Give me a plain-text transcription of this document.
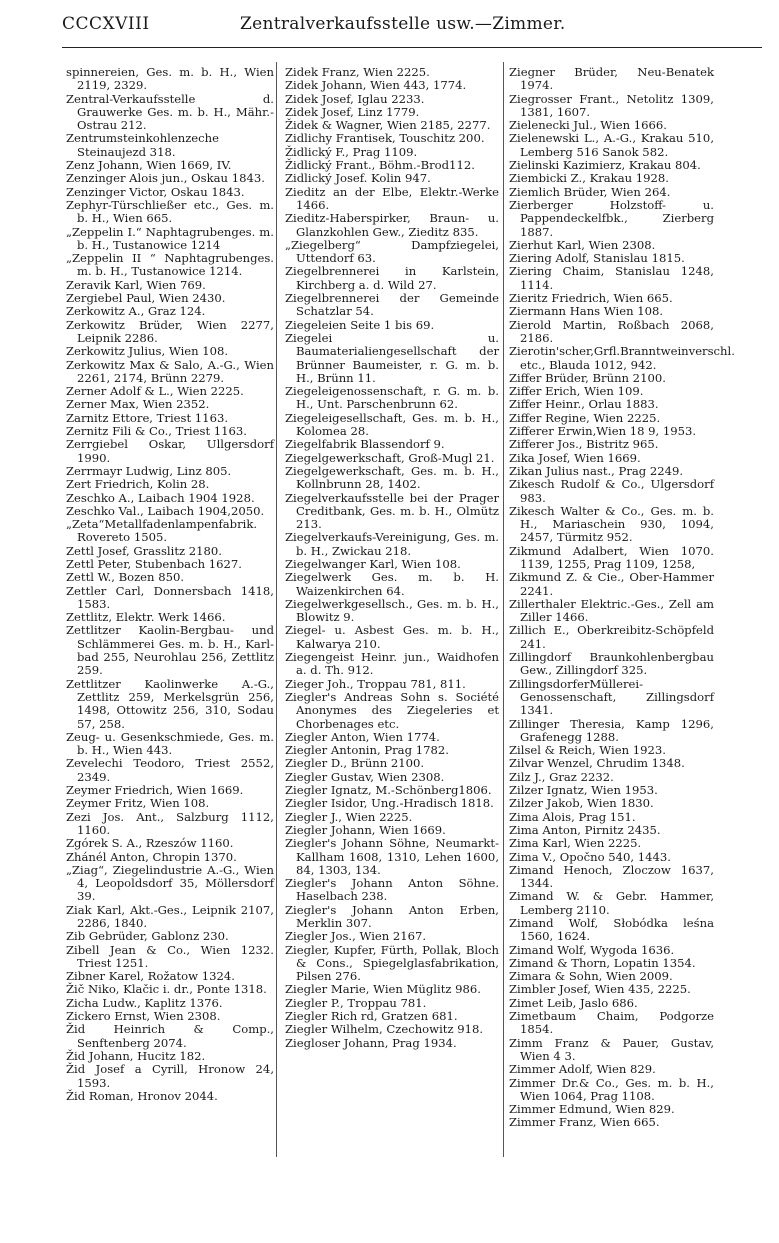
CCCXVIII	Zentralverkaufsstelle usw.—Zimmer.
spinnereien, Ges. m. b. H., Wien 2119, 2329.
Zentral-Verkaufsstelle d. Grauwerke Ges. m. b. H., Mähr.-Ostrau 212.
Zentrumsteinkohlenzeche Steinaujezd 318.
Zenz Johann, Wien 1669, IV.
Zenzinger Alois jun., Oskau 1843.
Zenzinger Victor, Oskau 1843.
Zephyr-Türschließer etc., Ges. m. b. H., Wien 665.
„Zeppelin I.“ Naphtagrubenges. m. b. H., Tustanowice 1214
„Zeppelin II “ Naphtagrubenges. m. b. H., Tustanowice 1214.
Zeravik Karl, Wien 769.
Zergiebel Paul, Wien 2430.
Zerkowitz A., Graz 124.
Zerkowitz Brüder, Wien 2277, Leipnik 2286.
Zerkowitz Julius, Wien 108.
Zerkowitz Max & Salo, A.-G., Wien 2261, 2174, Brünn 2279.
Zerner Adolf & L., Wien 2225.
Zerner Max, Wien 2352.
Zarnitz Ettore, Triest 1163.
Zernitz Fili & Co., Triest 1163.
Zerrgiebel Oskar, Ullgersdorf 1990.
Zerrmayr Ludwig, Linz 805.
Zert Friedrich, Kolin 28.
Zeschko A., Laibach 1904 1928.
Zeschko Val., Laibach 1904,2050.
„Zeta“Metallfadenlampenfabrik. Rovereto 1505.
Zettl Josef, Grasslitz 2180.
Zettl Peter, Stubenbach 1627.
Zettl W., Bozen 850.
Zettler Carl, Donnersbach 1418, 1583.
Zettlitz, Elektr. Werk 1466.
Zettlitzer Kaolin-Bergbau- und Schlämmerei Ges. m. b. H., Karl-bad 255, Neurohlau 256, Zettlitz 259.
Zettlitzer Kaolinwerke A.-G., Zettlitz 259, Merkelsgrün 256, 1498, Ottowitz 256, 310, Sodau 57, 258.
Zeug- u. Gesenkschmiede, Ges. m. b. H., Wien 443.
Zevelechi Teodoro, Triest 2552, 2349.
Zeymer Friedrich, Wien 1669.
Zeymer Fritz, Wien 108.
Zezi Jos. Ant., Salzburg 1112, 1160.
Zgórek S. A., Rzeszów 1160.
Zhánél Anton, Chropin 1370.
„Ziag“, Ziegelindustrie A.-G., Wien 4, Leopoldsdorf 35, Möllersdorf 39.
Ziak Karl, Akt.-Ges., Leipnik 2107, 2286, 1840.
Zib Gebrüder, Gablonz 230.
Zibell Jean & Co., Wien 1232. Triest 1251.
Zibner Karel, Rožatow 1324.
Žič Niko, Klačic i. dr., Ponte 1318.
Zicha Ludw., Kaplitz 1376.
Zickero Ernst, Wien 2308.
Žid Heinrich & Comp., Senftenberg 2074.
Žid Johann, Hucitz 182.
Žid Josef a Cyrill, Hronow 24, 1593.
Žid Roman, Hronov 2044.
Zidek Franz, Wien 2225.
Zidek Johann, Wien 443, 1774.
Zidek Josef, Iglau 2233.
Zidek Josef, Linz 1779.
Židek & Wagner, Wien 2185, 2277.
Zidlichy Frantisek, Touschitz 200.
Židlický F., Prag 1109.
Židlický Frant., Böhm.-Brod112.
Zidlický Josef. Kolin 947.
Zieditz an der Elbe, Elektr.-Werke 1466.
Zieditz-Haberspirker, Braun- u. Glanzkohlen Gew., Zieditz 835.
„Ziegelberg“ Dampfziegelei, Uttendorf 63.
Ziegelbrennerei in Karlstein, Kirchberg a. d. Wild 27.
Ziegelbrennerei der Gemeinde Schatzlar 54.
Ziegeleien Seite 1 bis 69.
Ziegelei u. Baumaterialiengesellschaft der Brünner Baumeister, r. G. m. b. H., Brünn 11.
Ziegeleigenossenschaft, r. G. m. b. H., Unt. Parschenbrunn 62.
Ziegeleigesellschaft, Ges. m. b. H., Kolomea 28.
Ziegelfabrik Blassendorf 9.
Ziegelgewerkschaft, Groß-Mugl 21.
Ziegelgewerkschaft, Ges. m. b. H., Kollnbrunn 28, 1402.
Ziegelverkaufsstelle bei der Prager Creditbank, Ges. m. b. H., Olmütz 213.
Ziegelverkaufs-Vereinigung, Ges. m. b. H., Zwickau 218.
Ziegelwanger Karl, Wien 108.
Ziegelwerk Ges. m. b. H. Waizenkirchen 64.
Ziegelwerkgesellsch., Ges. m. b. H., Blowitz 9.
Ziegel- u. Asbest Ges. m. b. H., Kalwarya 210.
Ziegengeist Heinr. jun., Waidhofen a. d. Th. 912.
Zieger Joh., Troppau 781, 811.
Ziegler's Andreas Sohn s. Société Anonymes des Ziegeleries et Chorbenages etc.
Ziegler Anton, Wien 1774.
Ziegler Antonin, Prag 1782.
Ziegler D., Brünn 2100.
Ziegler Gustav, Wien 2308.
Ziegler Ignatz, M.-Schönberg1806.
Ziegler Isidor, Ung.-Hradisch 1818.
Ziegler J., Wien 2225.
Ziegler Johann, Wien 1669.
Ziegler's Johann Söhne, Neumarkt-Kallham 1608, 1310, Lehen 1600, 84, 1303, 134.
Ziegler's Johann Anton Söhne. Haselbach 238.
Ziegler's Johann Anton Erben, Merklin 307.
Ziegler Jos., Wien 2167.
Ziegler, Kupfer, Fürth, Pollak, Bloch & Cons., Spiegelglasfabrikation, Pilsen 276.
Ziegler Marie, Wien Müglitz 986.
Ziegler P., Troppau 781.
Ziegler Rich rd, Gratzen 681.
Ziegler Wilhelm, Czechowitz 918.
Ziegloser Johann, Prag 1934.
Ziegner Brüder, Neu-Benatek 1974.
Ziegrosser Frant., Netolitz 1309, 1381, 1607.
Zielenecki Jul., Wien 1666.
Zielenewski L., A.-G., Krakau 510, Lemberg 516 Sanok 582.
Zielinski Kazimierz, Krakau 804.
Ziembicki Z., Krakau 1928.
Ziemlich Brüder, Wien 264.
Zierberger Holzstoff- u. Pappendeckelfbk., Zierberg 1887.
Zierhut Karl, Wien 2308.
Ziering Adolf, Stanislau 1815.
Ziering Chaim, Stanislau 1248, 1114.
Zieritz Friedrich, Wien 665.
Ziermann Hans Wien 108.
Zierold Martin, Roßbach 2068, 2186.
Zierotin'scher,Grfl.Branntweinverschl. etc., Blauda 1012, 942.
Ziffer Brüder, Brünn 2100.
Ziffer Erich, Wien 109.
Ziffer Heinr., Orlau 1883.
Ziffer Regine, Wien 2225.
Zifferer Erwin,Wien 18 9, 1953.
Zifferer Jos., Bistritz 965.
Zika Josef, Wien 1669.
Zikan Julius nast., Prag 2249.
Zikesch Rudolf & Co., Ulgersdorf 983.
Zikesch Walter & Co., Ges. m. b. H., Mariaschein 930, 1094, 2457, Türmitz 952.
Zikmund Adalbert, Wien 1070. 1139, 1255, Prag 1109, 1258,
Zikmund Z. & Cie., Ober-Hammer 2241.
Zillerthaler Elektric.-Ges., Zell am Ziller 1466.
Zillich E., Oberkreibitz-Schöpfeld 241.
Zillingdorf Braunkohlenbergbau Gew., Zillingdorf 325.
ZillingsdorferMüllerei-Genossenschaft, Zillingsdorf 1341.
Zillinger Theresia, Kamp 1296, Grafenegg 1288.
Zilsel & Reich, Wien 1923.
Zilvar Wenzel, Chrudim 1348.
Zilz J., Graz 2232.
Zilzer Ignatz, Wien 1953.
Zilzer Jakob, Wien 1830.
Zima Alois, Prag 151.
Zima Anton, Pirnitz 2435.
Zima Karl, Wien 2225.
Zima V., Opočno 540, 1443.
Zimand Henoch, Zloczow 1637, 1344.
Zimand W. & Gebr. Hammer, Lemberg 2110.
Zimand Wolf, Słobódka leśna 1560, 1624.
Zimand Wolf, Wygoda 1636.
Zimand & Thorn, Lopatin 1354.
Zimara & Sohn, Wien 2009.
Zimbler Josef, Wien 435, 2225.
Zimet Leib, Jaslo 686.
Zimetbaum Chaim, Podgorze 1854.
Zimm Franz & Pauer, Gustav, Wien 4 3.
Zimmer Adolf, Wien 829.
Zimmer Dr.& Co., Ges. m. b. H., Wien 1064, Prag 1108.
Zimmer Edmund, Wien 829.
Zimmer Franz, Wien 665.
